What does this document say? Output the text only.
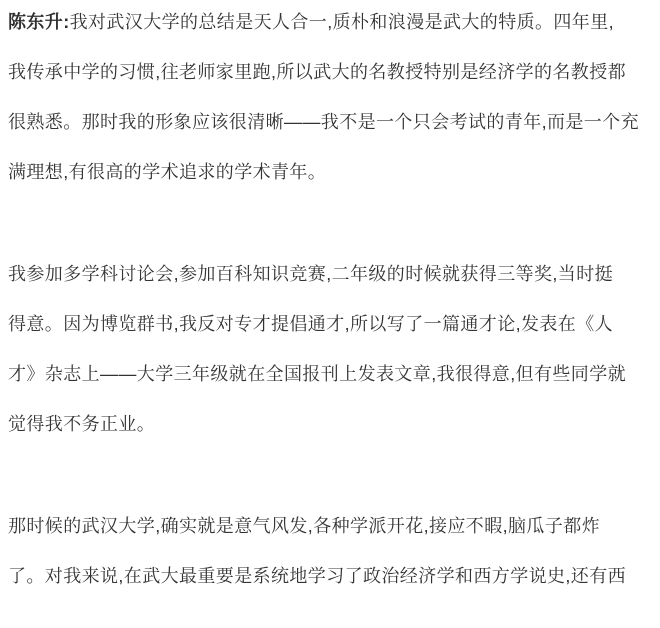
陈东升:我对武汉大学的总结是天人合一,质朴和浪漫是武大的特质。四年里,
我传承中学的习惯,往老师家里跑,所以武大的名教授特别是经济学的名教授都
很熟悉。那时我的形象应该很清晰——我不是一个只会考试的青年,而是一个充
满理想,有很高的学术追求的学术青年。
我参加多学科讨论会,参加百科知识竞赛,二年级的时候就获得三等奖,当时挺
得意。因为博览群书,我反对专才提倡通才,所以写了一篇通才论,发表在《人
才》杂志上——大学三年级就在全国报刊上发表文章,我很得意,但有些同学就
觉得我不务正业。
那时候的武汉大学,确实就是意气风发,各种学派开花,接应不暇,脑瓜子都炸
了。对我来说,在武大最重要是系统地学习了政治经济学和西方学说史,还有西
